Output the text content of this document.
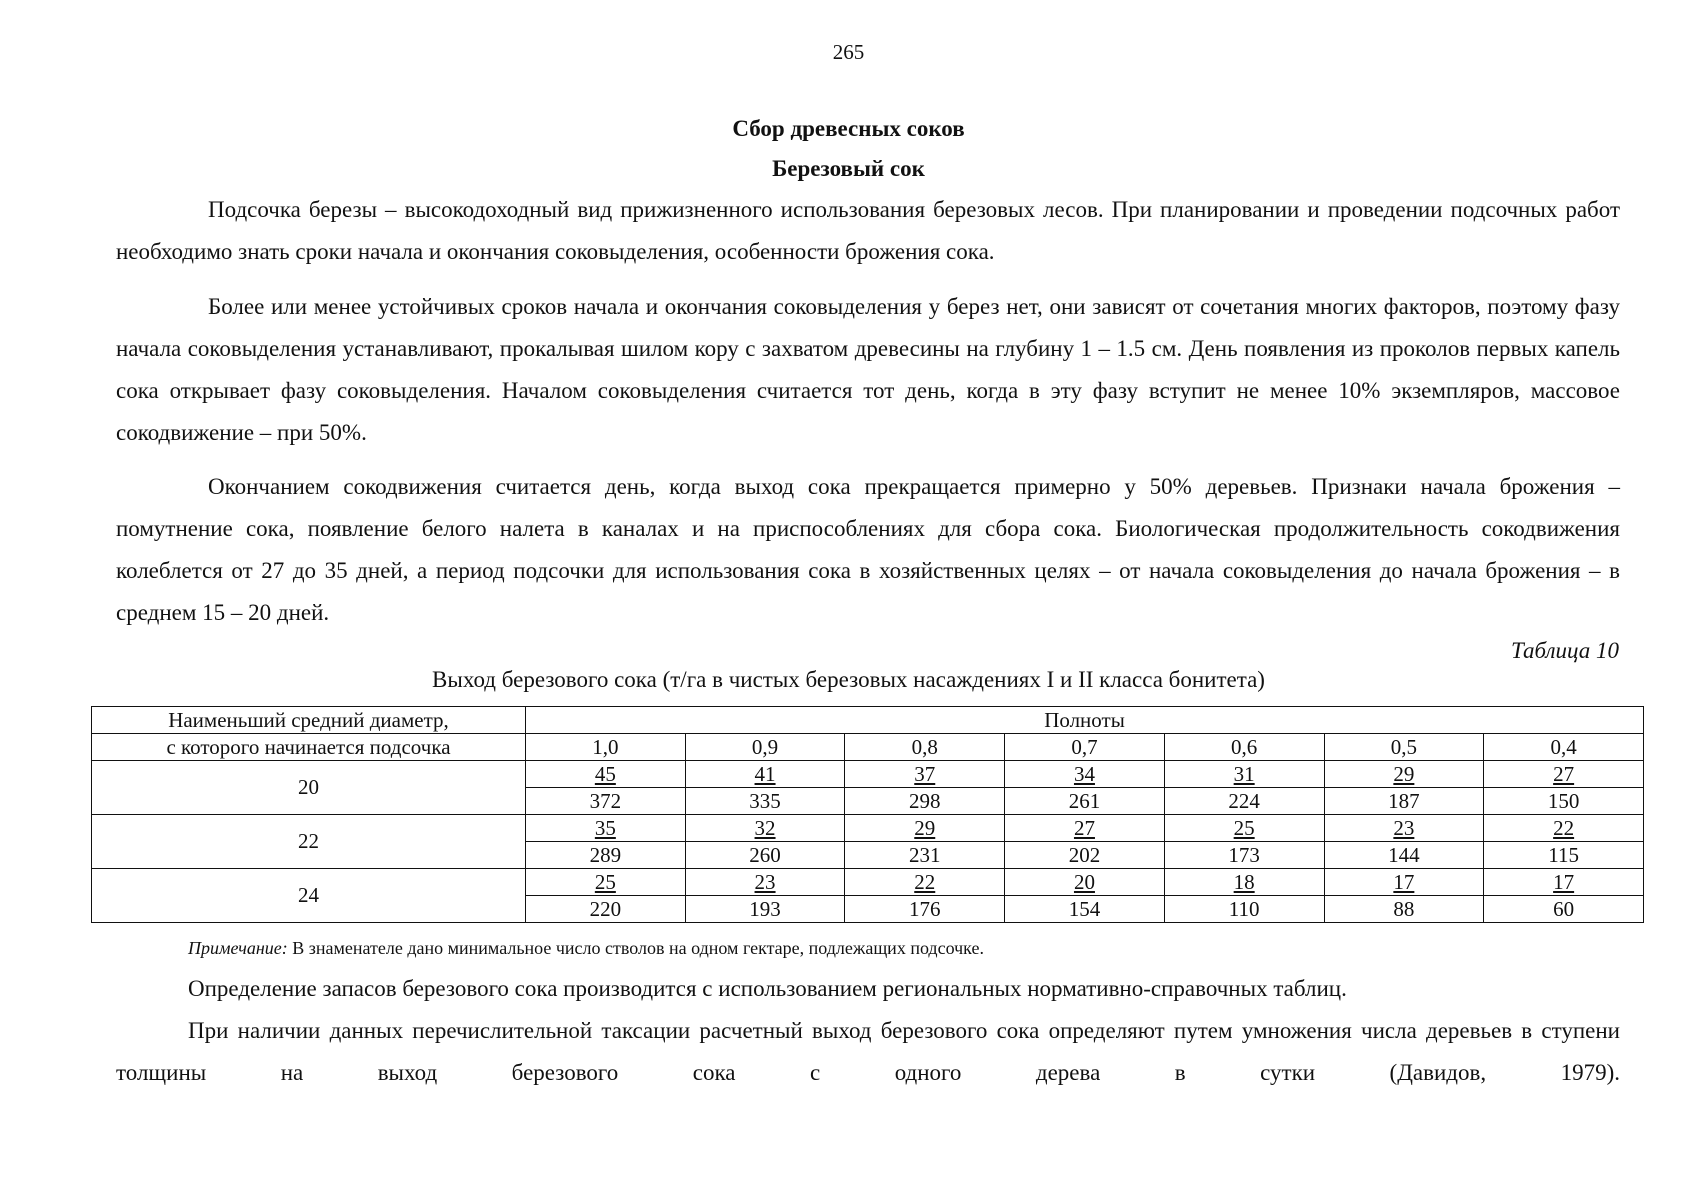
265
Сбор древесных соков
Березовый сок

Подсочка березы – высокодоходный вид прижизненного использования березовых лесов. При планировании и проведении подсочных работ необходимо знать сроки начала и окончания соковыделения, особенности брожения сока.

Более или менее устойчивых сроков начала и окончания соковыделения у берез нет, они зависят от сочетания многих факторов, поэтому фазу начала соковыделения устанавливают, прокалывая шилом кору с захватом древесины на глубину 1 – 1.5 см. День появления из проколов первых капель сока открывает фазу соковыделения. Началом соковыделения считается тот день, когда в эту фазу вступит не менее 10% экземпляров, массовое сокодвижение – при 50%.

Окончанием сокодвижения считается день, когда выход сока прекращается примерно у 50% деревьев. Признаки начала брожения – помутнение сока, появление белого налета в каналах и на приспособлениях для сбора сока. Биологическая продолжительность сокодвижения колеблется от 27 до 35 дней, а период подсочки для использования сока в хозяйственных целях – от начала соковыделения до начала брожения – в среднем 15 – 20 дней.

Таблица 10
Выход березового сока (т/га в чистых березовых насаждениях I и II класса бонитета)
Наименьший средний диаметр,	Полноты						
с которого начинается подсочка	1,0	0,9	0,8	0,7	0,6	0,5	0,4
20	45	41	37	34	31	29	27
	372	335	298	261	224	187	150
22	35	32	29	27	25	23	22
	289	260	231	202	173	144	115
24	25	23	22	20	18	17	17
	220	193	176	154	110	88	60
Примечание: В знаменателе дано минимальное число стволов на одном гектаре, подлежащих подсочке.

Определение запасов березового сока производится с использованием региональных нормативно-справочных таблиц.

При наличии данных перечислительной таксации расчетный выход березового сока определяют путем умножения числа деревьев в ступени толщины на выход березового сока с одного дерева в сутки (Давидов, 1979).
